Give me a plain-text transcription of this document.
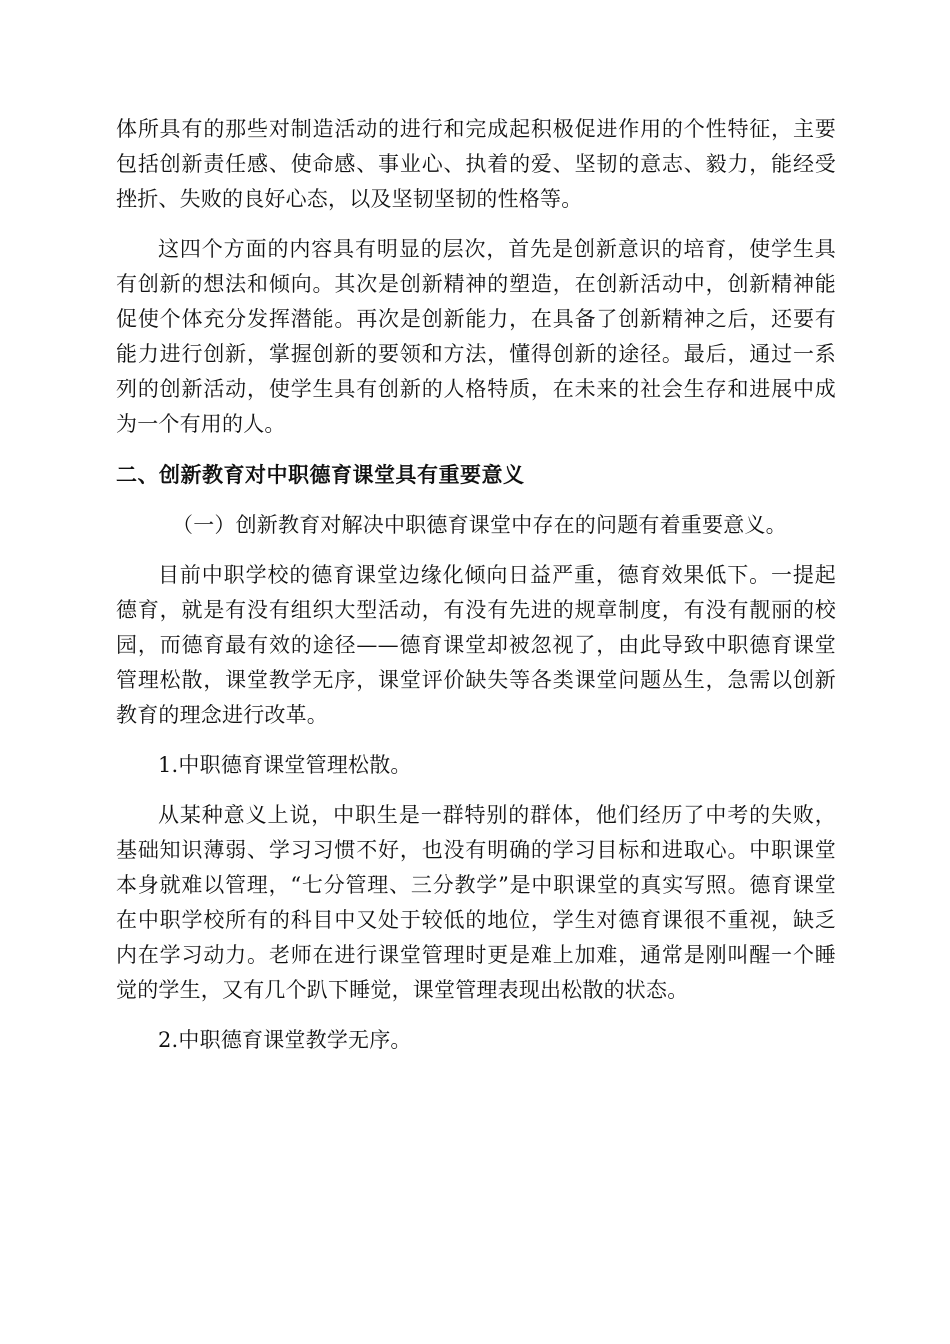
体所具有的那些对制造活动的进行和完成起积极促进作用的个性特征，主要包括创新责任感、使命感、事业心、执着的爱、坚韧的意志、毅力，能经受挫折、失败的良好心态，以及坚韧坚韧的性格等。

这四个方面的内容具有明显的层次，首先是创新意识的培育，使学生具有创新的想法和倾向。其次是创新精神的塑造，在创新活动中，创新精神能促使个体充分发挥潜能。再次是创新能力，在具备了创新精神之后，还要有能力进行创新，掌握创新的要领和方法，懂得创新的途径。最后，通过一系列的创新活动，使学生具有创新的人格特质，在未来的社会生存和进展中成为一个有用的人。

二、创新教育对中职德育课堂具有重要意义

（一）创新教育对解决中职德育课堂中存在的问题有着重要意义。

目前中职学校的德育课堂边缘化倾向日益严重，德育效果低下。一提起德育，就是有没有组织大型活动，有没有先进的规章制度，有没有靓丽的校园，而德育最有效的途径——德育课堂却被忽视了，由此导致中职德育课堂管理松散，课堂教学无序，课堂评价缺失等各类课堂问题丛生，急需以创新教育的理念进行改革。

1.中职德育课堂管理松散。

从某种意义上说，中职生是一群特别的群体，他们经历了中考的失败，基础知识薄弱、学习习惯不好，也没有明确的学习目标和进取心。中职课堂本身就难以管理，“七分管理、三分教学”是中职课堂的真实写照。德育课堂在中职学校所有的科目中又处于较低的地位，学生对德育课很不重视，缺乏内在学习动力。老师在进行课堂管理时更是难上加难，通常是刚叫醒一个睡觉的学生，又有几个趴下睡觉，课堂管理表现出松散的状态。

2.中职德育课堂教学无序。
